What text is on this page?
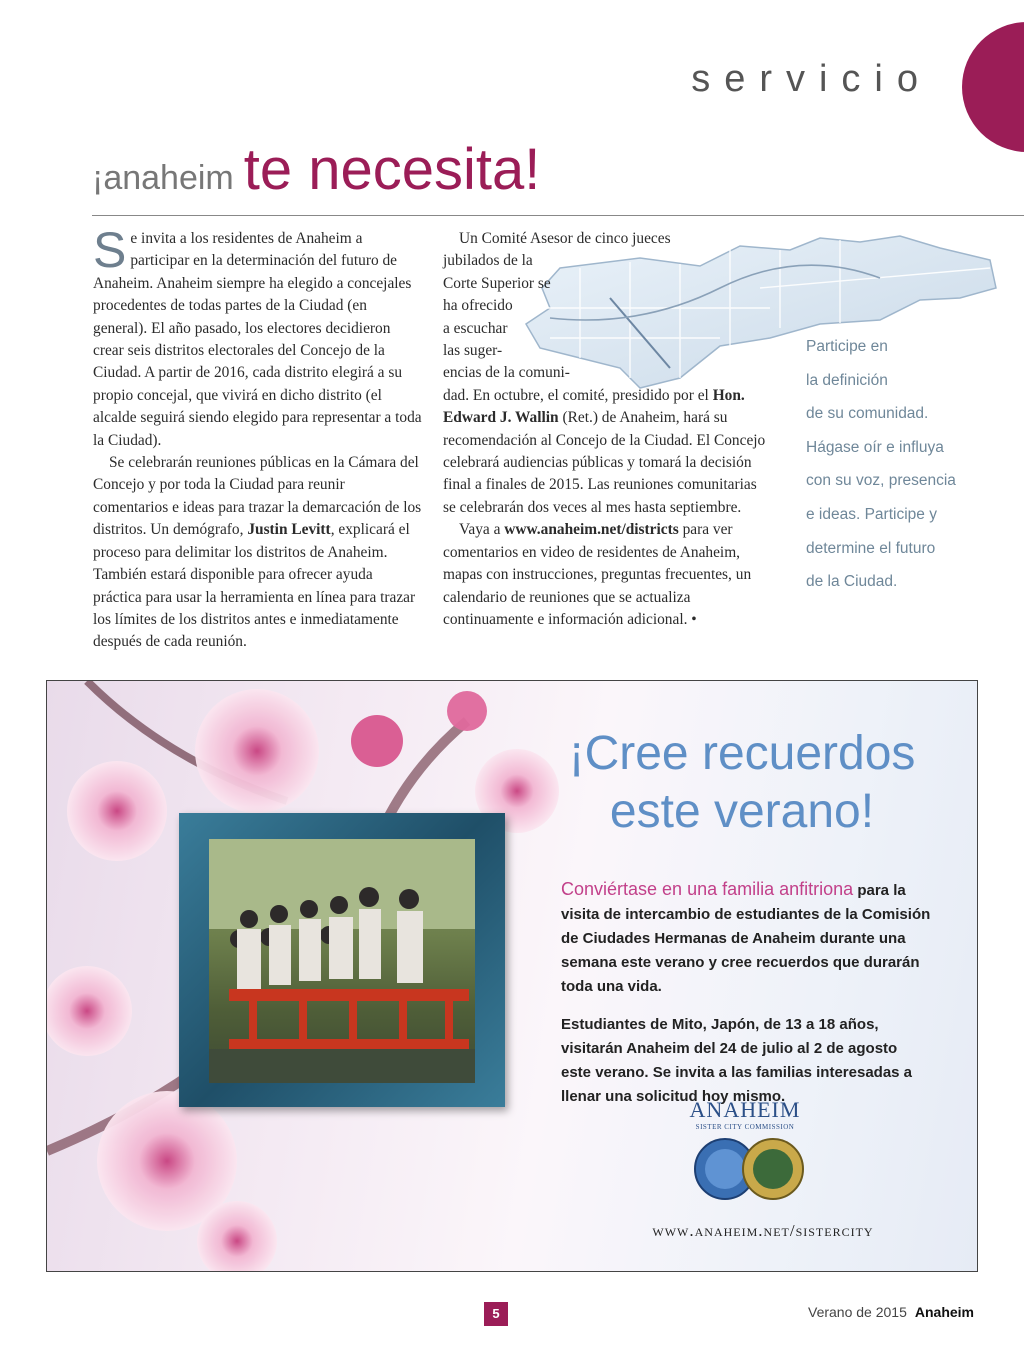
servicio
¡anaheim te necesita!

Se invita a los residentes de Anaheim a participar en la determinación del futuro de Anaheim. Anaheim siempre ha elegido a concejales procedentes de todas partes de la Ciudad (en general). El año pasado, los electores decidieron crear seis distritos electorales del Concejo de la Ciudad. A partir de 2016, cada distrito elegirá a su propio concejal, que vivirá en dicho distrito (el alcalde seguirá siendo elegido para representar a toda la Ciudad).

Se celebrarán reuniones públicas en la Cámara del Concejo y por toda la Ciudad para reunir comentarios e ideas para trazar la demarcación de los distritos. Un demógrafo, Justin Levitt, explicará el proceso para delimitar los distritos de Anaheim. También estará disponible para ofrecer ayuda práctica para usar la herramienta en línea para trazar los límites de los distritos antes e inmediatamente después de cada reunión.

Un Comité Asesor de cinco jueces
jubilados de la
Corte Superior se
ha ofrecido
a escuchar
las suger-
encias de la comuni-
dad. En octubre, el comité, presidido por el Hon. Edward J. Wallin (Ret.) de Anaheim, hará su recomendación al Concejo de la Ciudad. El Concejo celebrará audiencias públicas y tomará la decisión final a finales de 2015. Las reuniones comunitarias se celebrarán dos veces al mes hasta septiembre.

Vaya a www.anaheim.net/districts para ver comentarios en video de residentes de Anaheim, mapas con instrucciones, preguntas frecuentes, un calendario de reuniones que se actualiza continuamente e información adicional. •

Participe en
la definición
de su comunidad.
Hágase oír e influya
con su voz, presencia
e ideas. Participe y
determine el futuro
de la Ciudad.
¡Cree recuerdos
este verano!

Conviértase en una familia anfitriona para la visita de intercambio de estudiantes de la Comisión de Ciudades Hermanas de Anaheim durante una semana este verano y cree recuerdos que durarán toda una vida.

Estudiantes de Mito, Japón, de 13 a 18 años, visitarán Anaheim del 24 de julio al 2 de agosto este verano. Se invita a las familias interesadas a llenar una solicitud hoy mismo.

ANAHEIM
SISTER CITY COMMISSION
www.anaheim.net/sistercity
5	Verano de 2015 Anaheim
